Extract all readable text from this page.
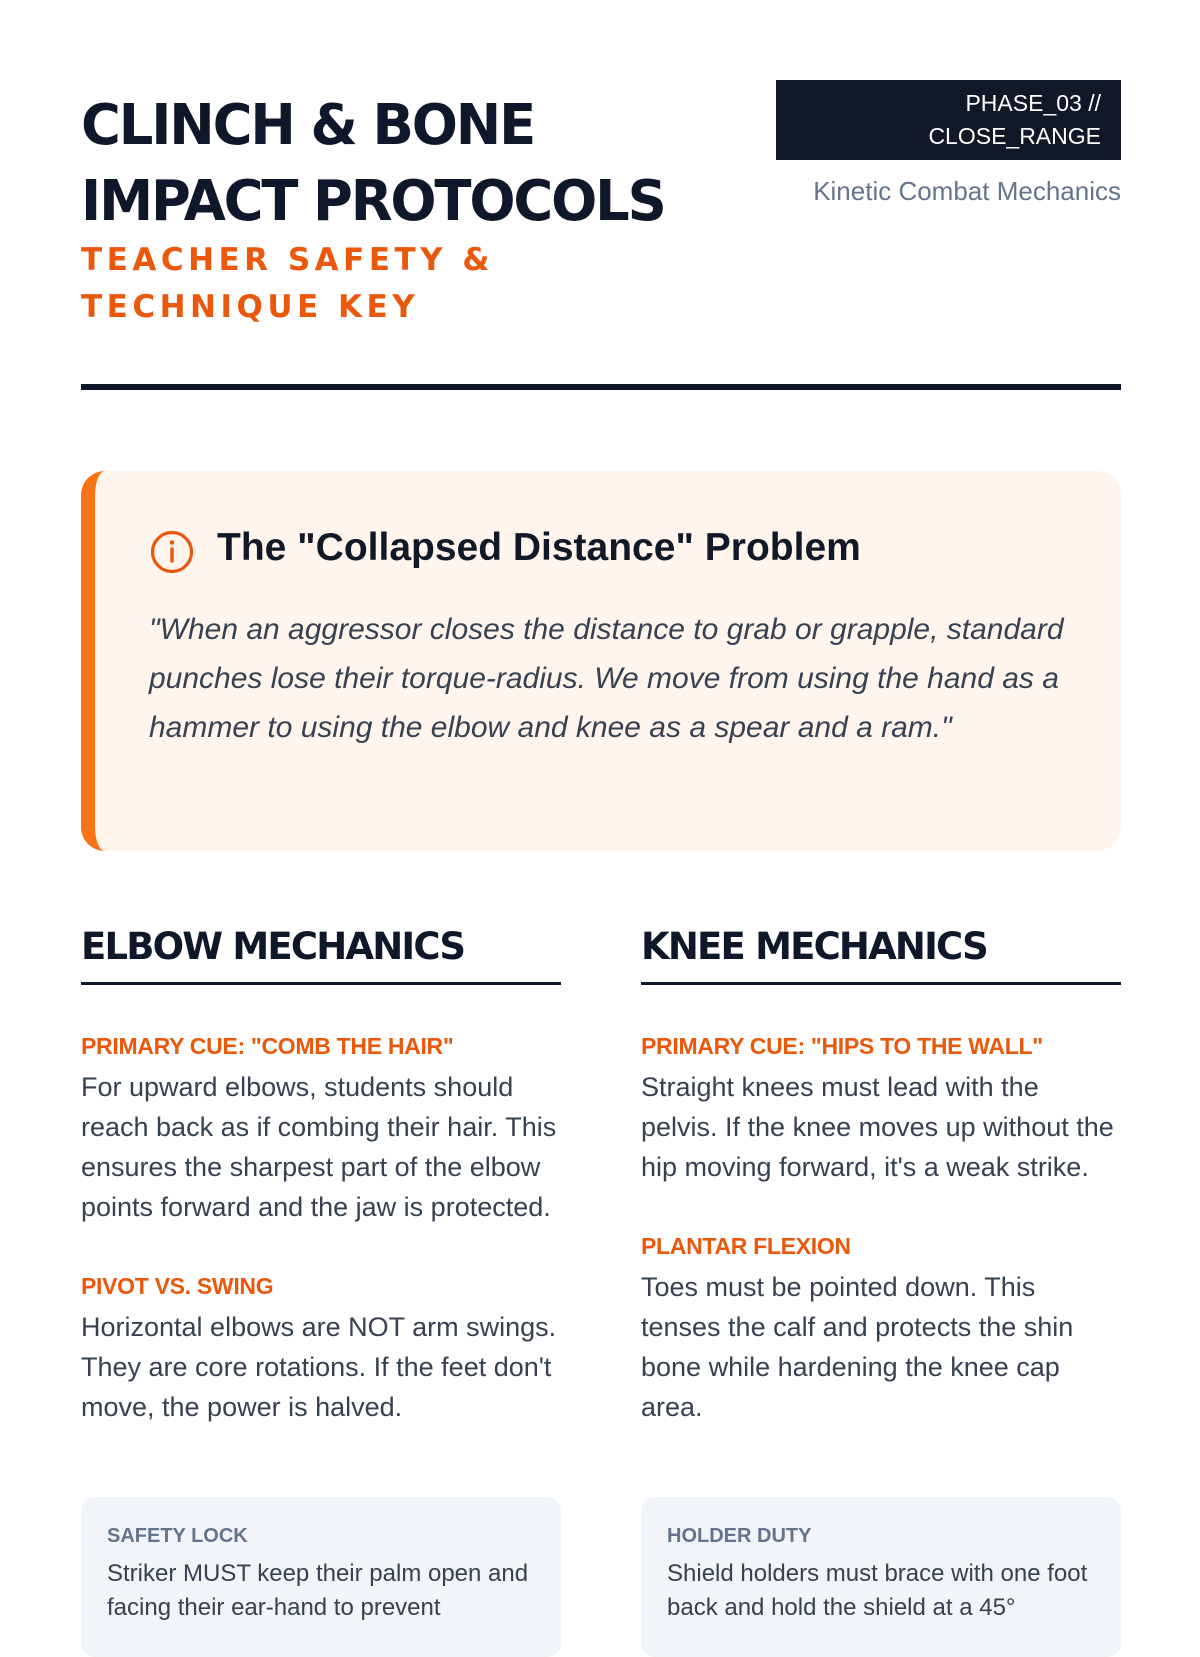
CLINCH & BONE
IMPACT PROTOCOLS

TEACHER SAFETY & TECHNIQUE KEY

PHASE_03 //
CLOSE_RANGE
Kinetic Combat Mechanics
The "Collapsed Distance" Problem

"When an aggressor closes the distance to grab or grapple, standard punches lose their torque-radius. We move from using the hand as a hammer to using the elbow and knee as a spear and a ram."

ELBOW MECHANICS

PRIMARY CUE: "COMB THE HAIR"

For upward elbows, students should reach back as if combing their hair. This ensures the sharpest part of the elbow points forward and the jaw is protected.

PIVOT VS. SWING

Horizontal elbows are NOT arm swings. They are core rotations. If the feet don't move, the power is halved.

KNEE MECHANICS

PRIMARY CUE: "HIPS TO THE WALL"

Straight knees must lead with the pelvis. If the knee moves up without the hip moving forward, it's a weak strike.

PLANTAR FLEXION

Toes must be pointed down. This tenses the calf and protects the shin bone while hardening the knee cap area.

SAFETY LOCK

Striker MUST keep their palm open and facing their ear-hand to prevent

HOLDER DUTY

Shield holders must brace with one foot back and hold the shield at a 45°
